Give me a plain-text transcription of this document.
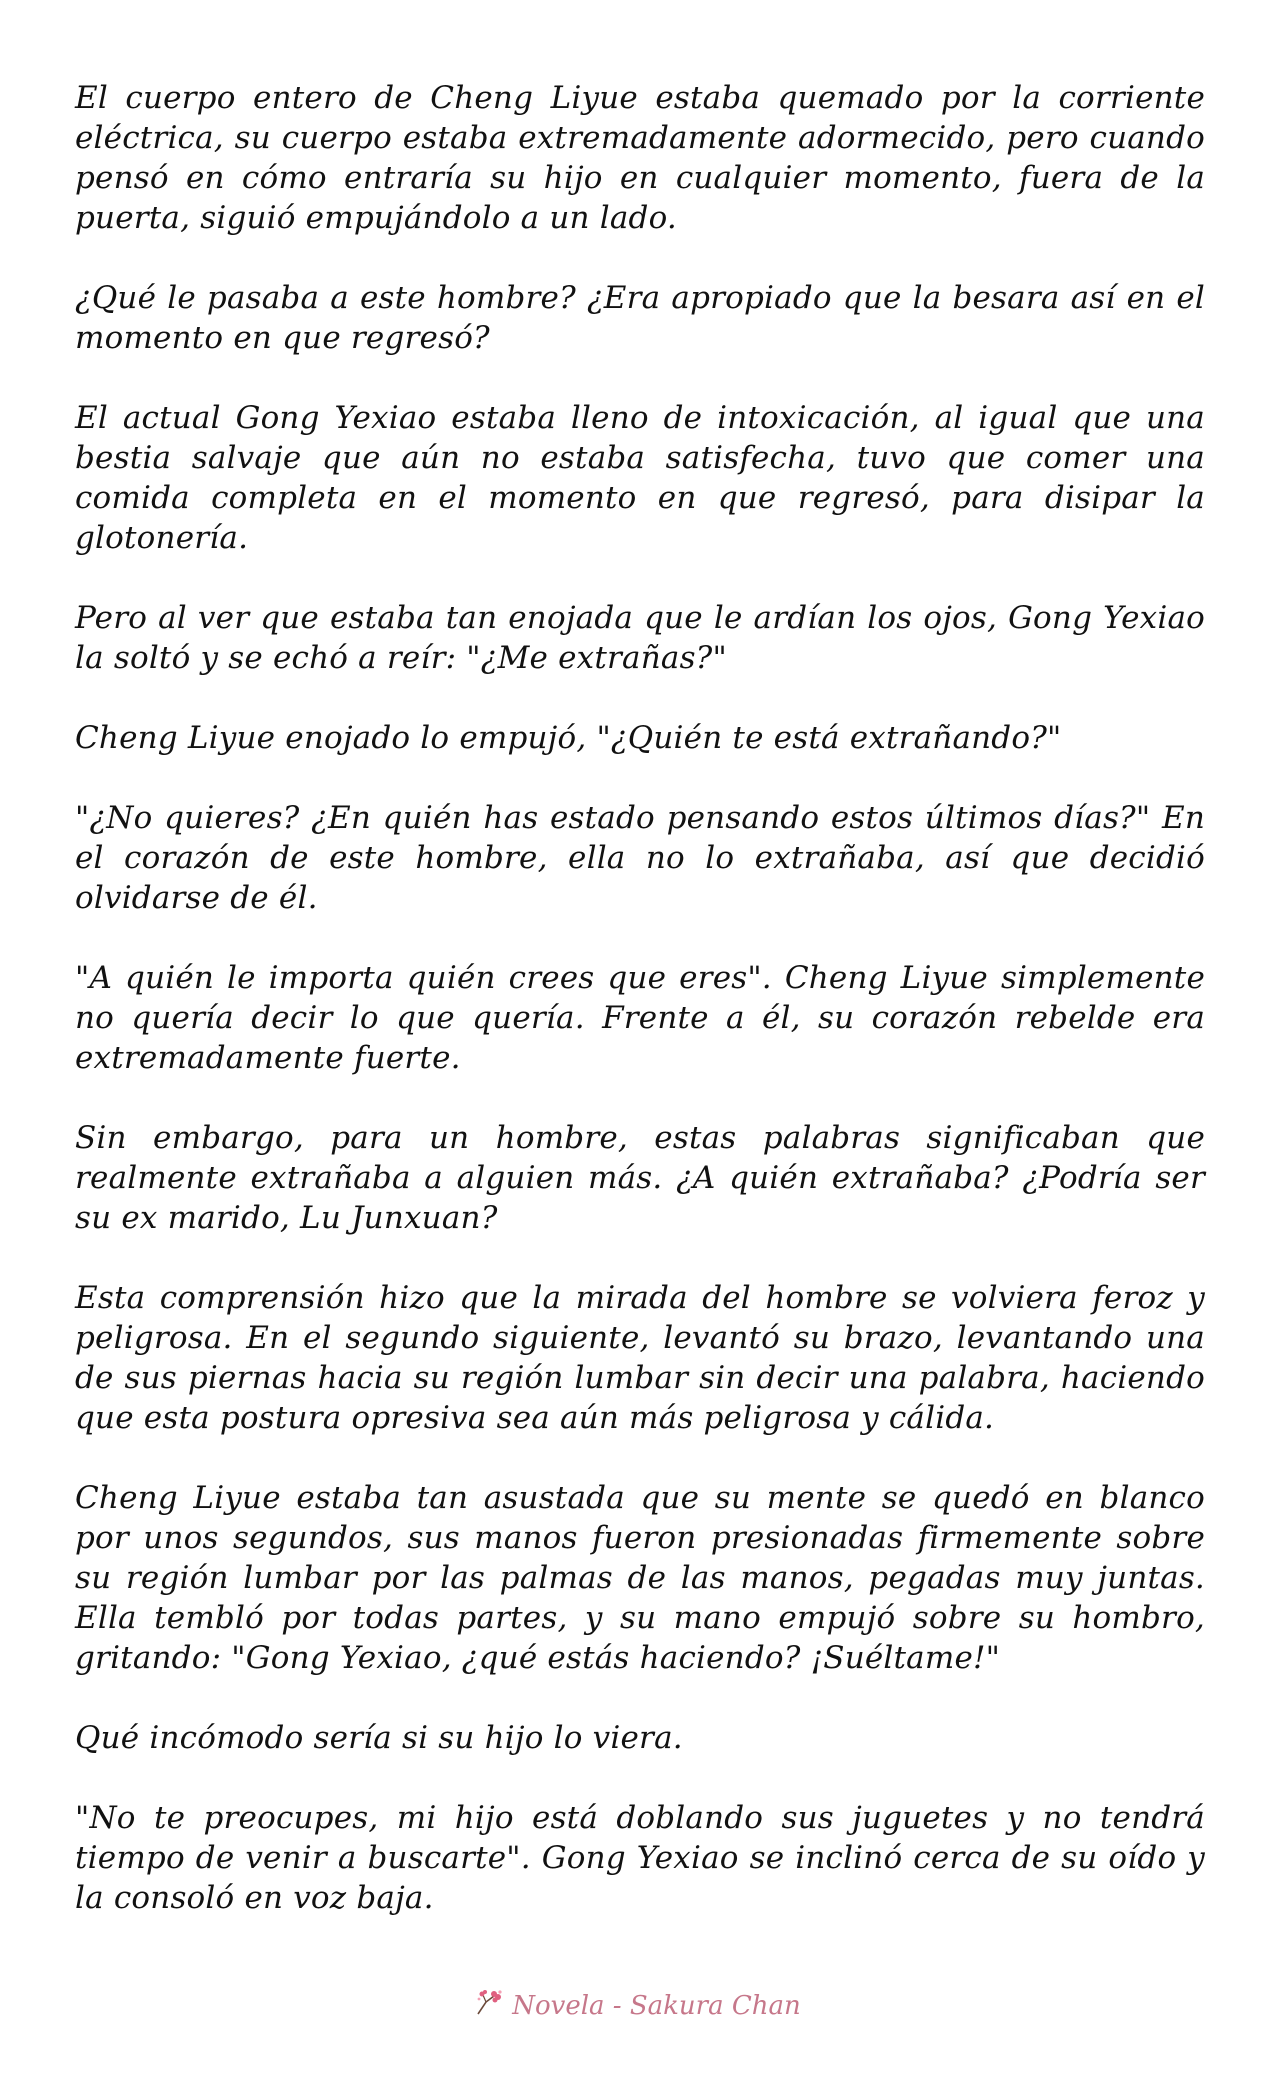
El cuerpo entero de Cheng Liyue estaba quemado por la corriente eléctrica, su cuerpo estaba extremadamente adormecido, pero cuando pensó en cómo entraría su hijo en cualquier momento, fuera de la puerta, siguió empujándolo a un lado.

¿Qué le pasaba a este hombre? ¿Era apropiado que la besara así en el momento en que regresó?

El actual Gong Yexiao estaba lleno de intoxicación, al igual que una bestia salvaje que aún no estaba satisfecha, tuvo que comer una comida completa en el momento en que regresó, para disipar la glotonería.

Pero al ver que estaba tan enojada que le ardían los ojos, Gong Yexiao la soltó y se echó a reír: "¿Me extrañas?"

Cheng Liyue enojado lo empujó, "¿Quién te está extrañando?"

"¿No quieres? ¿En quién has estado pensando estos últimos días?" En el corazón de este hombre, ella no lo extrañaba, así que decidió olvidarse de él.

"A quién le importa quién crees que eres". Cheng Liyue simplemente no quería decir lo que quería. Frente a él, su corazón rebelde era extremadamente fuerte.

Sin embargo, para un hombre, estas palabras significaban que realmente extrañaba a alguien más. ¿A quién extrañaba? ¿Podría ser su ex marido, Lu Junxuan?

Esta comprensión hizo que la mirada del hombre se volviera feroz y peligrosa. En el segundo siguiente, levantó su brazo, levantando una de sus piernas hacia su región lumbar sin decir una palabra, haciendo que esta postura opresiva sea aún más peligrosa y cálida.

Cheng Liyue estaba tan asustada que su mente se quedó en blanco por unos segundos, sus manos fueron presionadas firmemente sobre su región lumbar por las palmas de las manos, pegadas muy juntas. Ella tembló por todas partes, y su mano empujó sobre su hombro, gritando: "Gong Yexiao, ¿qué estás haciendo? ¡Suéltame!"

Qué incómodo sería si su hijo lo viera.

"No te preocupes, mi hijo está doblando sus juguetes y no tendrá tiempo de venir a buscarte". Gong Yexiao se inclinó cerca de su oído y la consoló en voz baja.

Novela - Sakura Chan
